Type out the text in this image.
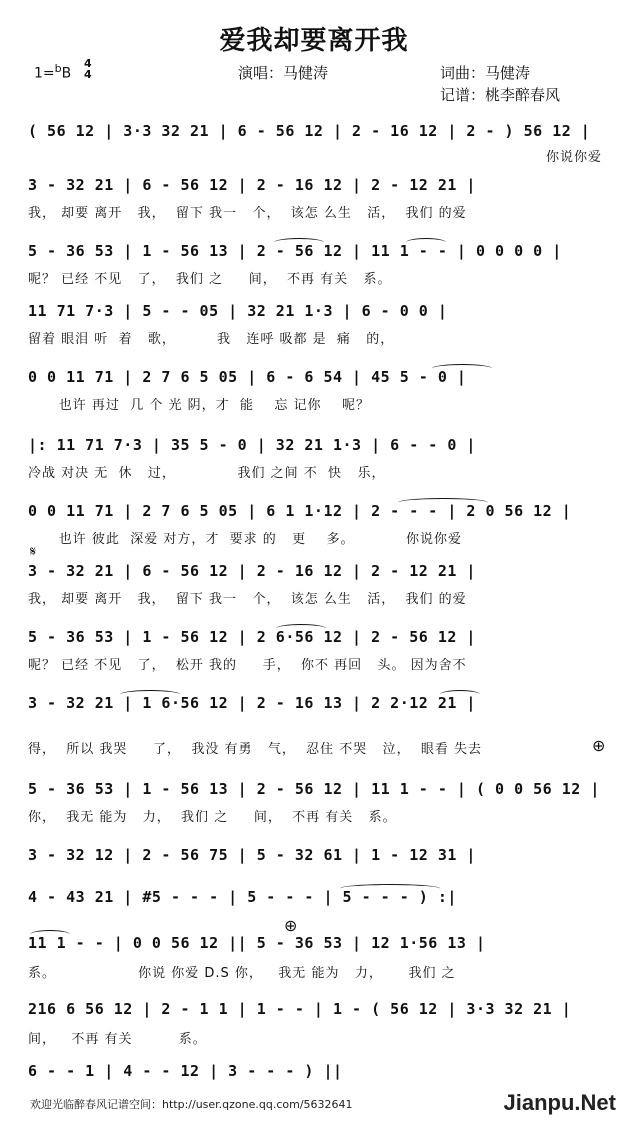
爱我却要离开我
1=$^b$B
4
4	演唱：马健涛	词曲：马健涛
记谱：桃李醉春风
( 56 12 | 3·3 32 21 | 6 - 56 12 | 2 - 16 12 | 2 - ) 56 12 |
你说你爱
3 - 32 21 | 6 - 56 12 | 2 - 16 12 | 2 - 12 21 |
我， 却要 离开   我，  留下 我一   个，  该怎 么生   活，  我们 的爱
5 - 36 53 | 1 - 56 13 | 2 - 56 12 | 11 1 - - | 0 0 0 0 |
呢？ 已经 不见   了，  我们 之     间，  不再 有关   系。
11 71 7·3 | 5 - - 05 | 32 21 1·3 | 6 - 0 0 |
留着 眼泪 听  着   歌，        我   连呼 吸都 是  痛   的，
0 0 11 71 | 2 7 6 5 05 | 6 - 6 54 | 45 5 - 0 |
也许 再过  几 个 光 阴，才  能    忘 记你    呢？
|: 11 71 7·3 | 35 5 - 0 | 32 21 1·3 | 6 - - 0 |
冷战 对决 无  休   过，            我们 之间 不  快   乐，
0 0 11 71 | 2 7 6 5 05 | 6 1 1·12 | 2 - - - | 2 0 56 12 |
也许 彼此  深爱 对方，才  要求 的   更    多。          你说你爱
𝄋
3 - 32 21 | 6 - 56 12 | 2 - 16 12 | 2 - 12 21 |
我， 却要 离开   我，  留下 我一   个，  该怎 么生   活，  我们 的爱
5 - 36 53 | 1 - 56 12 | 2 6·56 12 | 2 - 56 12 |
呢？ 已经 不见   了，  松开 我的     手，  你不 再回   头。 因为舍不
3 - 32 21 | 1 6·56 12 | 2 - 16 13 | 2 2·12 21 |
得，  所以 我哭     了，  我没 有勇   气，  忍住 不哭   泣，  眼看 失去	⊕
5 - 36 53 | 1 - 56 13 | 2 - 56 12 | 11 1 - - | ( 0 0 56 12 |
你，  我无 能为   力，  我们 之     间，  不再 有关   系。
3 - 32 12 | 2 - 56 75 | 5 - 32 61 | 1 - 12 31 |
4 - 43 21 | #5 - - - | 5 - - - | 5 - - - ) :|
⊕
11 1 - - | 0 0 56 12 || 5 - 36 53 | 12 1·56 13 |
系。                你说 你爱 D.S 你，   我无 能为   力，     我们 之
216 6 56 12 | 2 - 1 1 | 1 - - | 1 - ( 56 12 | 3·3 32 21 |
间，   不再 有关         系。
6 - - 1 | 4 - - 12 | 3 - - - ) ||
欢迎光临醉春风记谱空间：http://user.qzone.qq.com/5632641	Jianpu.Net
